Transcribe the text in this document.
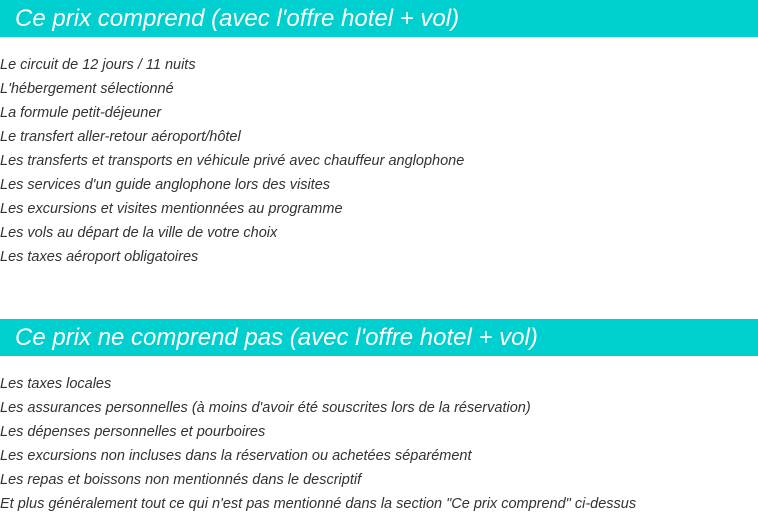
Ce prix comprend (avec l'offre hotel + vol)
Le circuit de 12 jours / 11 nuits
L'hébergement sélectionné
La formule petit-déjeuner
Le transfert aller-retour aéroport/hôtel
Les transferts et transports en véhicule privé avec chauffeur anglophone
Les services d'un guide anglophone lors des visites
Les excursions et visites mentionnées au programme
Les vols au départ de la ville de votre choix
Les taxes aéroport obligatoires
Ce prix ne comprend pas (avec l'offre hotel + vol)
Les taxes locales
Les assurances personnelles (à moins d'avoir été souscrites lors de la réservation)
Les dépenses personnelles et pourboires
Les excursions non incluses dans la réservation ou achetées séparément
Les repas et boissons non mentionnés dans le descriptif
Et plus généralement tout ce qui n'est pas mentionné dans la section "Ce prix comprend" ci-dessus
